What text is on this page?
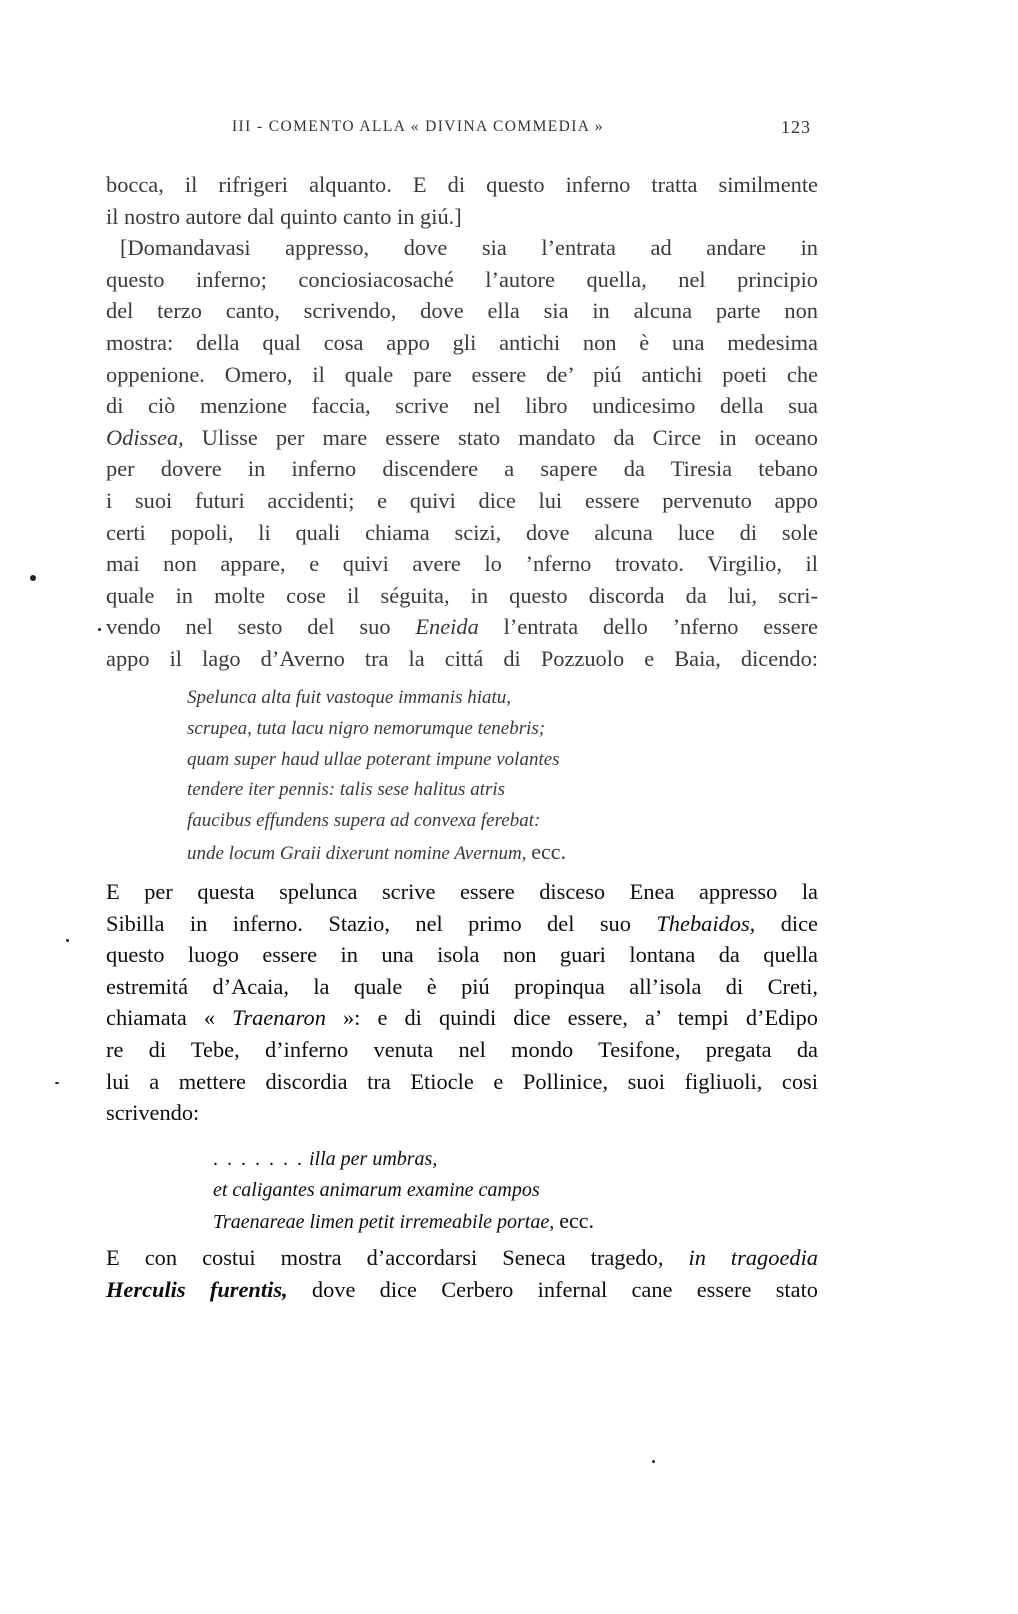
III - COMENTO ALLA « DIVINA COMMEDIA »	123
bocca, il rifrigeri alquanto. E di questo inferno tratta similmente
il nostro autore dal quinto canto in giú.]
[Domandavasi appresso, dove sia l’entrata ad andare in
questo inferno; conciosiacosaché l’autore quella, nel principio
del terzo canto, scrivendo, dove ella sia in alcuna parte non
mostra: della qual cosa appo gli antichi non è una medesima
oppenione. Omero, il quale pare essere de’ piú antichi poeti che
di ciò menzione faccia, scrive nel libro undicesimo della sua
Odissea, Ulisse per mare essere stato mandato da Circe in oceano
per dovere in inferno discendere a sapere da Tiresia tebano
i suoi futuri accidenti; e quivi dice lui essere pervenuto appo
certi popoli, li quali chiama scizi, dove alcuna luce di sole
mai non appare, e quivi avere lo ’nferno trovato. Virgilio, il
quale in molte cose il séguita, in questo discorda da lui, scri-
vendo nel sesto del suo Eneida l’entrata dello ’nferno essere
appo il lago d’Averno tra la cittá di Pozzuolo e Baia, dicendo:
Spelunca alta fuit vastoque immanis hiatu,
scrupea, tuta lacu nigro nemorumque tenebris;
quam super haud ullae poterant impune volantes
tendere iter pennis: talis sese halitus atris
faucibus effundens supera ad convexa ferebat:
unde locum Graii dixerunt nomine Avernum, ecc.
E per questa spelunca scrive essere disceso Enea appresso la
Sibilla in inferno. Stazio, nel primo del suo Thebaidos, dice
questo luogo essere in una isola non guari lontana da quella
estremitá d’Acaia, la quale è piú propinqua all’isola di Creti,
chiamata « Traenaron »: e di quindi dice essere, a’ tempi d’Edipo
re di Tebe, d’inferno venuta nel mondo Tesifone, pregata da
lui a mettere discordia tra Etiocle e Pollinice, suoi figliuoli, cosi
scrivendo:
. . . . . . . illa per umbras,
et caligantes animarum examine campos
Traenareae limen petit irremeabile portae, ecc.
E con costui mostra d’accordarsi Seneca tragedo, in tragoedia
Herculis furentis, dove dice Cerbero infernal cane essere stato
